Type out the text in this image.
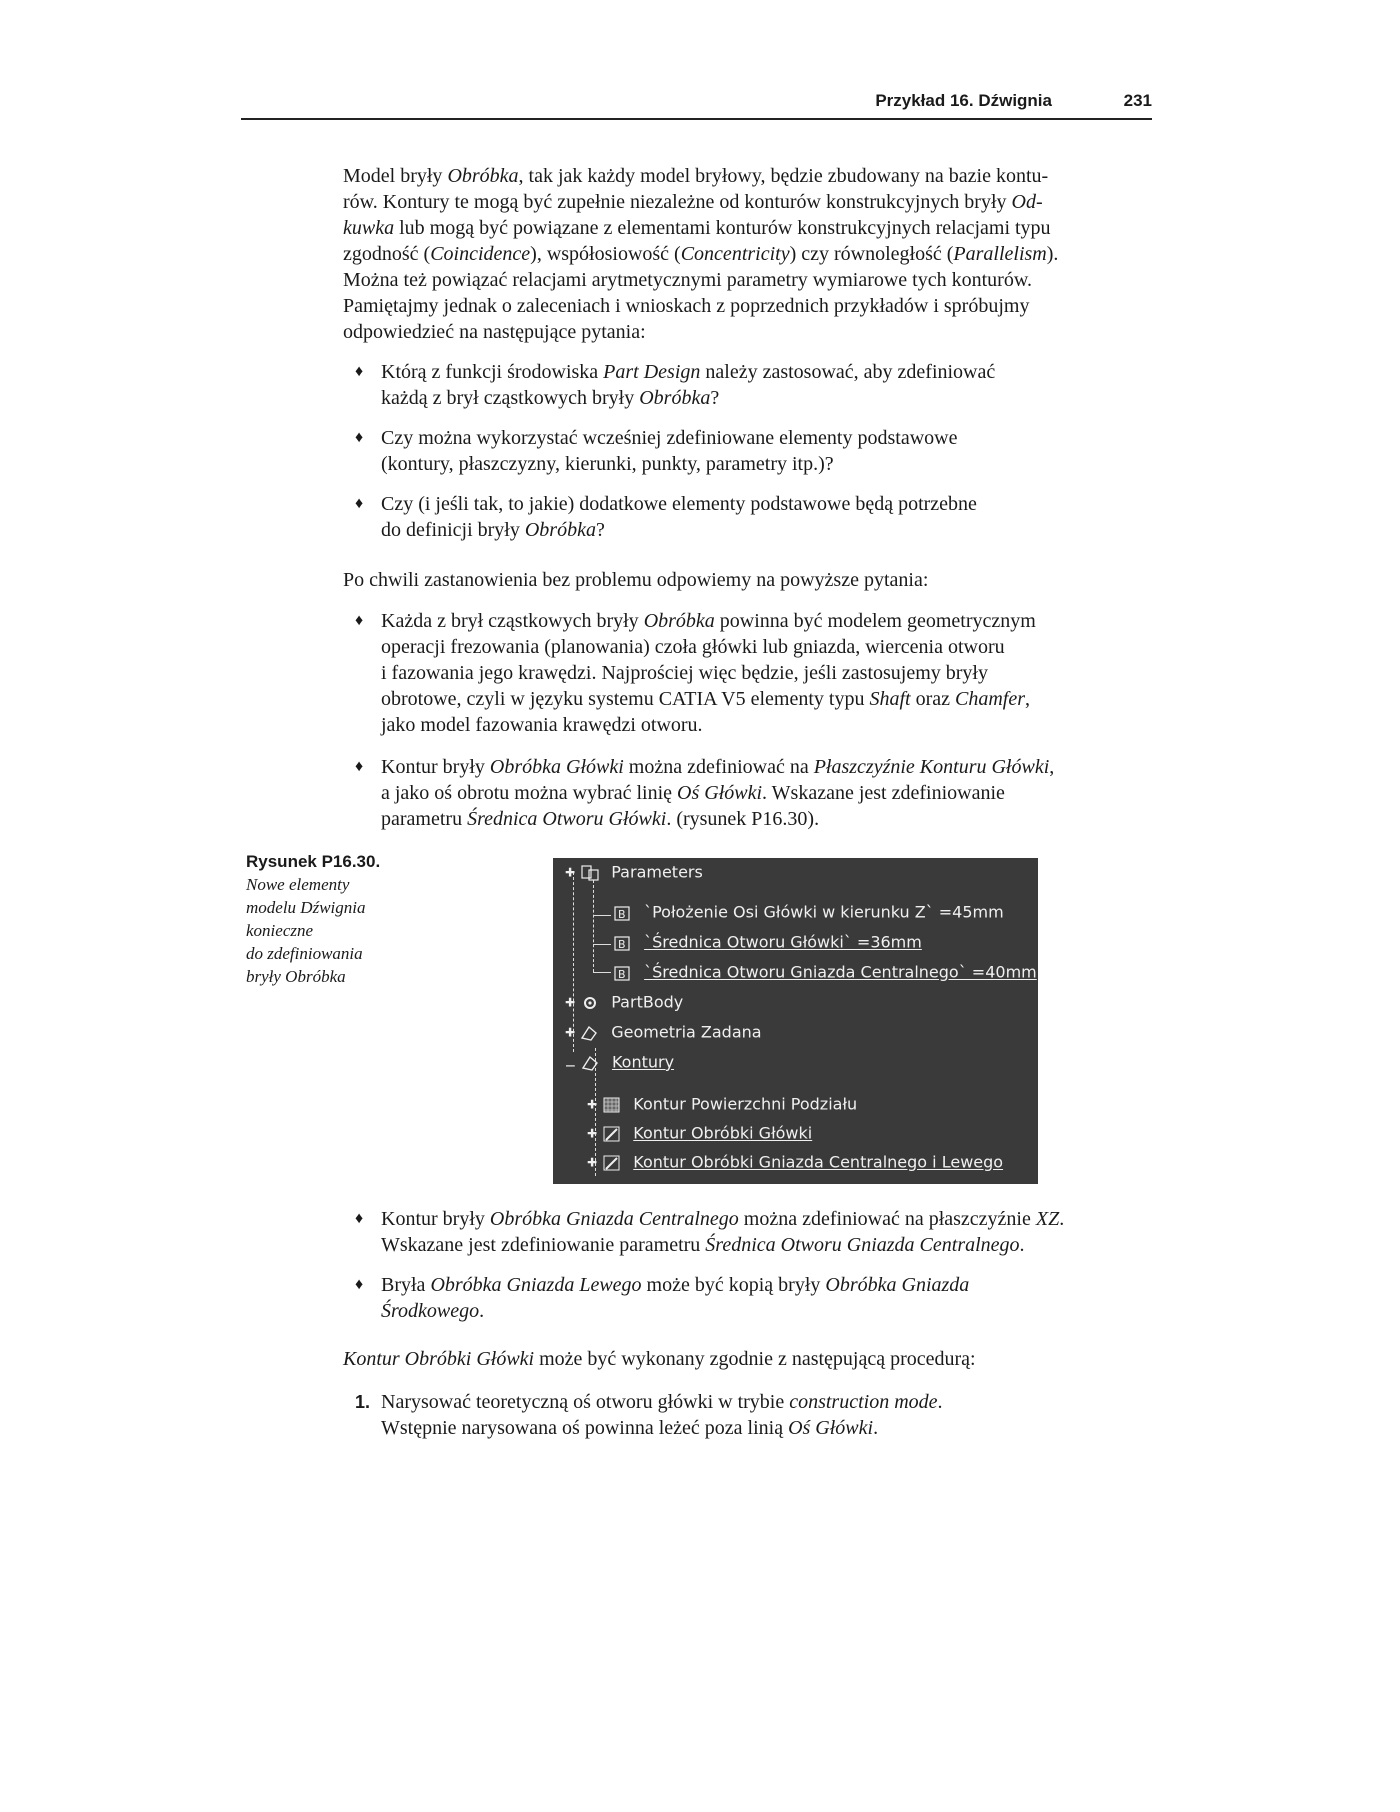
Przykład 16. Dźwignia	231

Model bryły Obróbka, tak jak każdy model bryłowy, będzie zbudowany na bazie kontu-
rów. Kontury te mogą być zupełnie niezależne od konturów konstrukcyjnych bryły Od-
kuwka lub mogą być powiązane z elementami konturów konstrukcyjnych relacjami typu
zgodność (Coincidence), współosiowość (Concentricity) czy równoległość (Parallelism).
Można też powiązać relacjami arytmetycznymi parametry wymiarowe tych konturów.
Pamiętajmy jednak o zaleceniach i wnioskach z poprzednich przykładów i spróbujmy
odpowiedzieć na następujące pytania:

♦ Którą z funkcji środowiska Part Design należy zastosować, aby zdefiniować
każdą z brył cząstkowych bryły Obróbka?
♦ Czy można wykorzystać wcześniej zdefiniowane elementy podstawowe
(kontury, płaszczyzny, kierunki, punkty, parametry itp.)?
♦ Czy (i jeśli tak, to jakie) dodatkowe elementy podstawowe będą potrzebne
do definicji bryły Obróbka?
Po chwili zastanowienia bez problemu odpowiemy na powyższe pytania:
♦ Każda z brył cząstkowych bryły Obróbka powinna być modelem geometrycznym
operacji frezowania (planowania) czoła główki lub gniazda, wiercenia otworu
i fazowania jego krawędzi. Najprościej więc będzie, jeśli zastosujemy bryły
obrotowe, czyli w języku systemu CATIA V5 elementy typu Shaft oraz Chamfer,
jako model fazowania krawędzi otworu.
♦ Kontur bryły Obróbka Główki można zdefiniować na Płaszczyźnie Konturu Główki,
a jako oś obrotu można wybrać linię Oś Główki. Wskazane jest zdefiniowanie
parametru Średnica Otworu Główki. (rysunek P16.30).
Rysunek P16.30.
Nowe elementy
modelu Dźwignia
konieczne
do zdefiniowania
bryły Obróbka
✚ Parameters
B `Położenie Osi Główki w kierunku Z` =45mm
B `Średnica Otworu Główki` =36mm
B `Średnica Otworu Gniazda Centralnego` =40mm
✚ PartBody
✚ Geometria Zadana
⚊ Kontury
✚ Kontur Powierzchni Podziału
✚ Kontur Obróbki Główki
✚ Kontur Obróbki Gniazda Centralnego i Lewego
♦ Kontur bryły Obróbka Gniazda Centralnego można zdefiniować na płaszczyźnie XZ.
Wskazane jest zdefiniowanie parametru Średnica Otworu Gniazda Centralnego.
♦ Bryła Obróbka Gniazda Lewego może być kopią bryły Obróbka Gniazda
Środkowego.
Kontur Obróbki Główki może być wykonany zgodnie z następującą procedurą:
1. Narysować teoretyczną oś otworu główki w trybie construction mode.
Wstępnie narysowana oś powinna leżeć poza linią Oś Główki.
